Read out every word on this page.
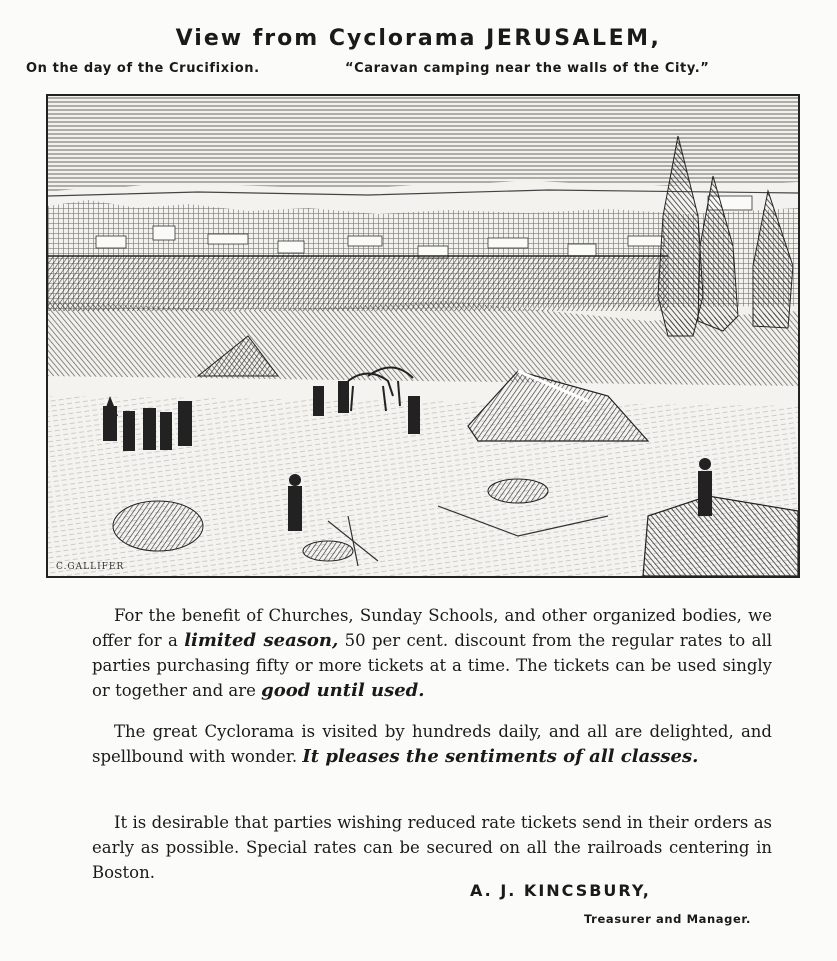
View from Cyclorama JERUSALEM,
On the day of the Crucifixion.	“Caravan camping near the walls of the City.”
C.GALLIFER

For the benefit of Churches, Sunday Schools, and other organized bodies, we offer for a limited season, 50 per cent. discount from the regular rates to all parties purchasing fifty or more tickets at a time. The tickets can be used singly or together and are good until used.

The great Cyclorama is visited by hundreds daily, and all are delighted, and spellbound with wonder. It pleases the sentiments of all classes.

It is desirable that parties wishing reduced rate tickets send in their orders as early as possible. Special rates can be secured on all the railroads centering in Boston.

A. J. KINCSBURY,
Treasurer and Manager.
